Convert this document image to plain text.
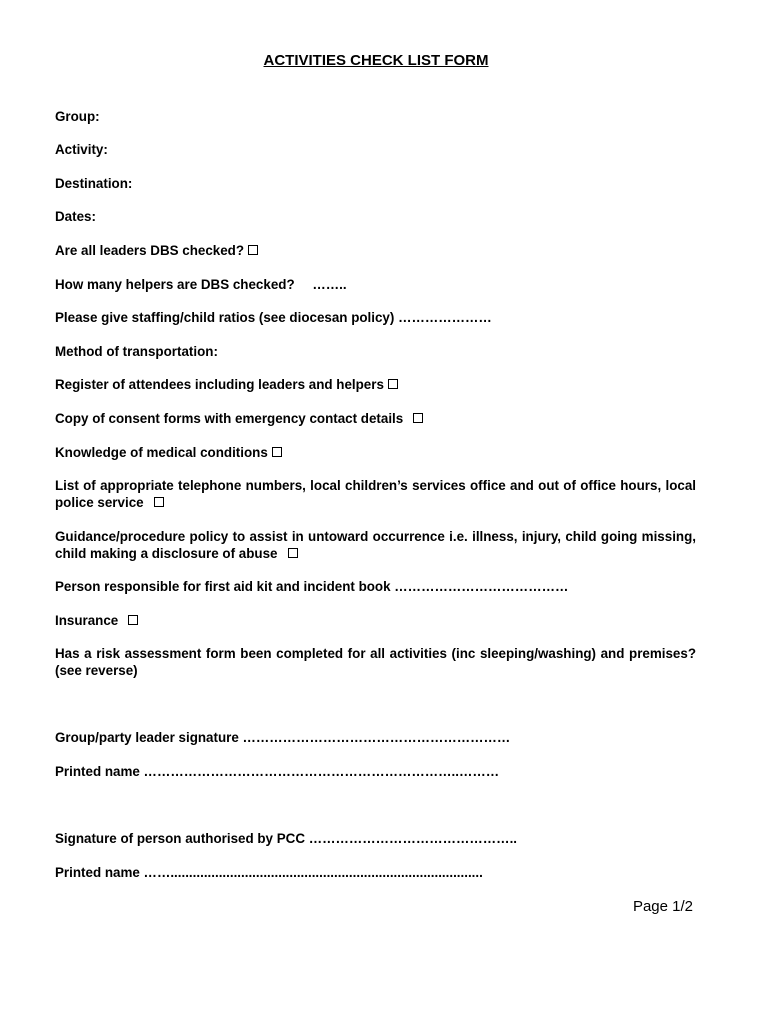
ACTIVITIES CHECK LIST FORM
Group:
Activity:
Destination:
Dates:
Are all leaders DBS checked?
How many helpers are DBS checked? ……..
Please give staffing/child ratios (see diocesan policy) …………………
Method of transportation:
Register of attendees including leaders and helpers
Copy of consent forms with emergency contact details
Knowledge of medical conditions
List of appropriate telephone numbers, local children’s services office and out of office hours, local police service
Guidance/procedure policy to assist in untoward occurrence i.e. illness, injury, child going missing, child making a disclosure of abuse
Person responsible for first aid kit and incident book …………………………………
Insurance
Has a risk assessment form been completed for all activities (inc sleeping/washing) and premises? (see reverse)
Group/party leader signature ……………………………………………………
Printed name ……………………………………………………………..………
Signature of person authorised by PCC ………………………………………..
Printed name ……....................................................................................
Page 1/2
